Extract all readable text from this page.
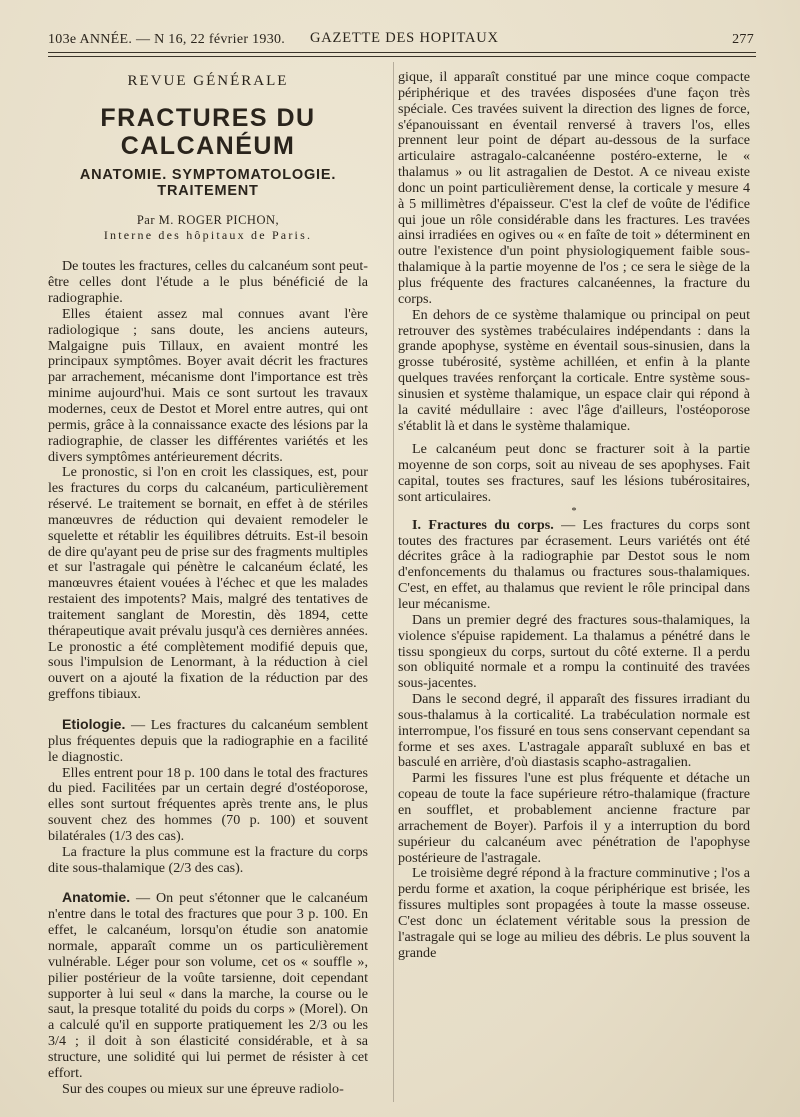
103e ANNÉE. — N 16, 22 février 1930. GAZETTE DES HOPITAUX	277
REVUE GÉNÉRALE
FRACTURES DU CALCANÉUM
ANATOMIE. SYMPTOMATOLOGIE. TRAITEMENT
Par M. ROGER PICHON,
Interne des hôpitaux de Paris.

De toutes les fractures, celles du calcanéum sont peut-être celles dont l'étude a le plus bénéficié de la radiographie.

Elles étaient assez mal connues avant l'ère radiologique ; sans doute, les anciens auteurs, Malgaigne puis Tillaux, en avaient montré les principaux symptômes. Boyer avait décrit les fractures par arrachement, mécanisme dont l'importance est très minime aujourd'hui. Mais ce sont surtout les travaux modernes, ceux de Destot et Morel entre autres, qui ont permis, grâce à la connaissance exacte des lésions par la radiographie, de classer les différentes variétés et les divers symptômes antérieurement décrits.

Le pronostic, si l'on en croit les classiques, est, pour les fractures du corps du calcanéum, particulièrement réservé. Le traitement se bornait, en effet à de stériles manœuvres de réduction qui devaient remodeler le squelette et rétablir les équilibres détruits. Est-il besoin de dire qu'ayant peu de prise sur des fragments multiples et sur l'astragale qui pénètre le calcanéum éclaté, les manœuvres étaient vouées à l'échec et que les malades restaient des impotents? Mais, malgré des tentatives de traitement sanglant de Morestin, dès 1894, cette thérapeutique avait prévalu jusqu'à ces dernières années. Le pronostic a été complètement modifié depuis que, sous l'impulsion de Lenormant, à la réduction à ciel ouvert on a ajouté la fixation de la réduction par des greffons tibiaux.

Etiologie. — Les fractures du calcanéum semblent plus fréquentes depuis que la radiographie en a facilité le diagnostic.

Elles entrent pour 18 p. 100 dans le total des fractures du pied. Facilitées par un certain degré d'ostéoporose, elles sont surtout fréquentes après trente ans, le plus souvent chez des hommes (70 p. 100) et souvent bilatérales (1/3 des cas).

La fracture la plus commune est la fracture du corps dite sous-thalamique (2/3 des cas).

Anatomie. — On peut s'étonner que le calcanéum n'entre dans le total des fractures que pour 3 p. 100. En effet, le calcanéum, lorsqu'on étudie son anatomie normale, apparaît comme un os particulièrement vulnérable. Léger pour son volume, cet os « souffle », pilier postérieur de la voûte tarsienne, doit cependant supporter à lui seul « dans la marche, la course ou le saut, la presque totalité du poids du corps » (Morel). On a calculé qu'il en supporte pratiquement les 2/3 ou les 3/4 ; il doit à son élasticité considérable, et à sa structure, une solidité qui lui permet de résister à cet effort.

Sur des coupes ou mieux sur une épreuve radiolo-

gique, il apparaît constitué par une mince coque compacte périphérique et des travées disposées d'une façon très spéciale. Ces travées suivent la direction des lignes de force, s'épanouissant en éventail renversé à travers l'os, elles prennent leur point de départ au-dessous de la surface articulaire astragalo-calcanéenne postéro-externe, le « thalamus » ou lit astragalien de Destot. A ce niveau existe donc un point particulièrement dense, la corticale y mesure 4 à 5 millimètres d'épaisseur. C'est la clef de voûte de l'édifice qui joue un rôle considérable dans les fractures. Les travées ainsi irradiées en ogives ou « en faîte de toit » déterminent en outre l'existence d'un point physiologiquement faible sous-thalamique à la partie moyenne de l'os ; ce sera le siège de la plus fréquente des fractures calcanéennes, la fracture du corps.

En dehors de ce système thalamique ou principal on peut retrouver des systèmes trabéculaires indépendants : dans la grande apophyse, système en éventail sous-sinusien, dans la grosse tubérosité, système achilléen, et enfin à la plante quelques travées renforçant la corticale. Entre système sous-sinusien et système thalamique, un espace clair qui répond à la cavité médullaire : avec l'âge d'ailleurs, l'ostéoporose s'établit là et dans le système thalamique.

Le calcanéum peut donc se fracturer soit à la partie moyenne de son corps, soit au niveau de ses apophyses. Fait capital, toutes ses fractures, sauf les lésions tubérositaires, sont articulaires.

*

I. Fractures du corps. — Les fractures du corps sont toutes des fractures par écrasement. Leurs variétés ont été décrites grâce à la radiographie par Destot sous le nom d'enfoncements du thalamus ou fractures sous-thalamiques. C'est, en effet, au thalamus que revient le rôle principal dans leur mécanisme.

Dans un premier degré des fractures sous-thalamiques, la violence s'épuise rapidement. La thalamus a pénétré dans le tissu spongieux du corps, surtout du côté externe. Il a perdu son obliquité normale et a rompu la continuité des travées sous-jacentes.

Dans le second degré, il apparaît des fissures irradiant du sous-thalamus à la corticalité. La trabéculation normale est interrompue, l'os fissuré en tous sens conservant cependant sa forme et ses axes. L'astragale apparaît subluxé en bas et basculé en arrière, d'où diastasis scapho-astragalien.

Parmi les fissures l'une est plus fréquente et détache un copeau de toute la face supérieure rétro-thalamique (fracture en soufflet, et probablement ancienne fracture par arrachement de Boyer). Parfois il y a interruption du bord supérieur du calcanéum avec pénétration de l'apophyse postérieure de l'astragale.

Le troisième degré répond à la fracture comminutive ; l'os a perdu forme et axation, la coque périphérique est brisée, les fissures multiples sont propagées à toute la masse osseuse. C'est donc un éclatement véritable sous la pression de l'astragale qui se loge au milieu des débris. Le plus souvent la grande
